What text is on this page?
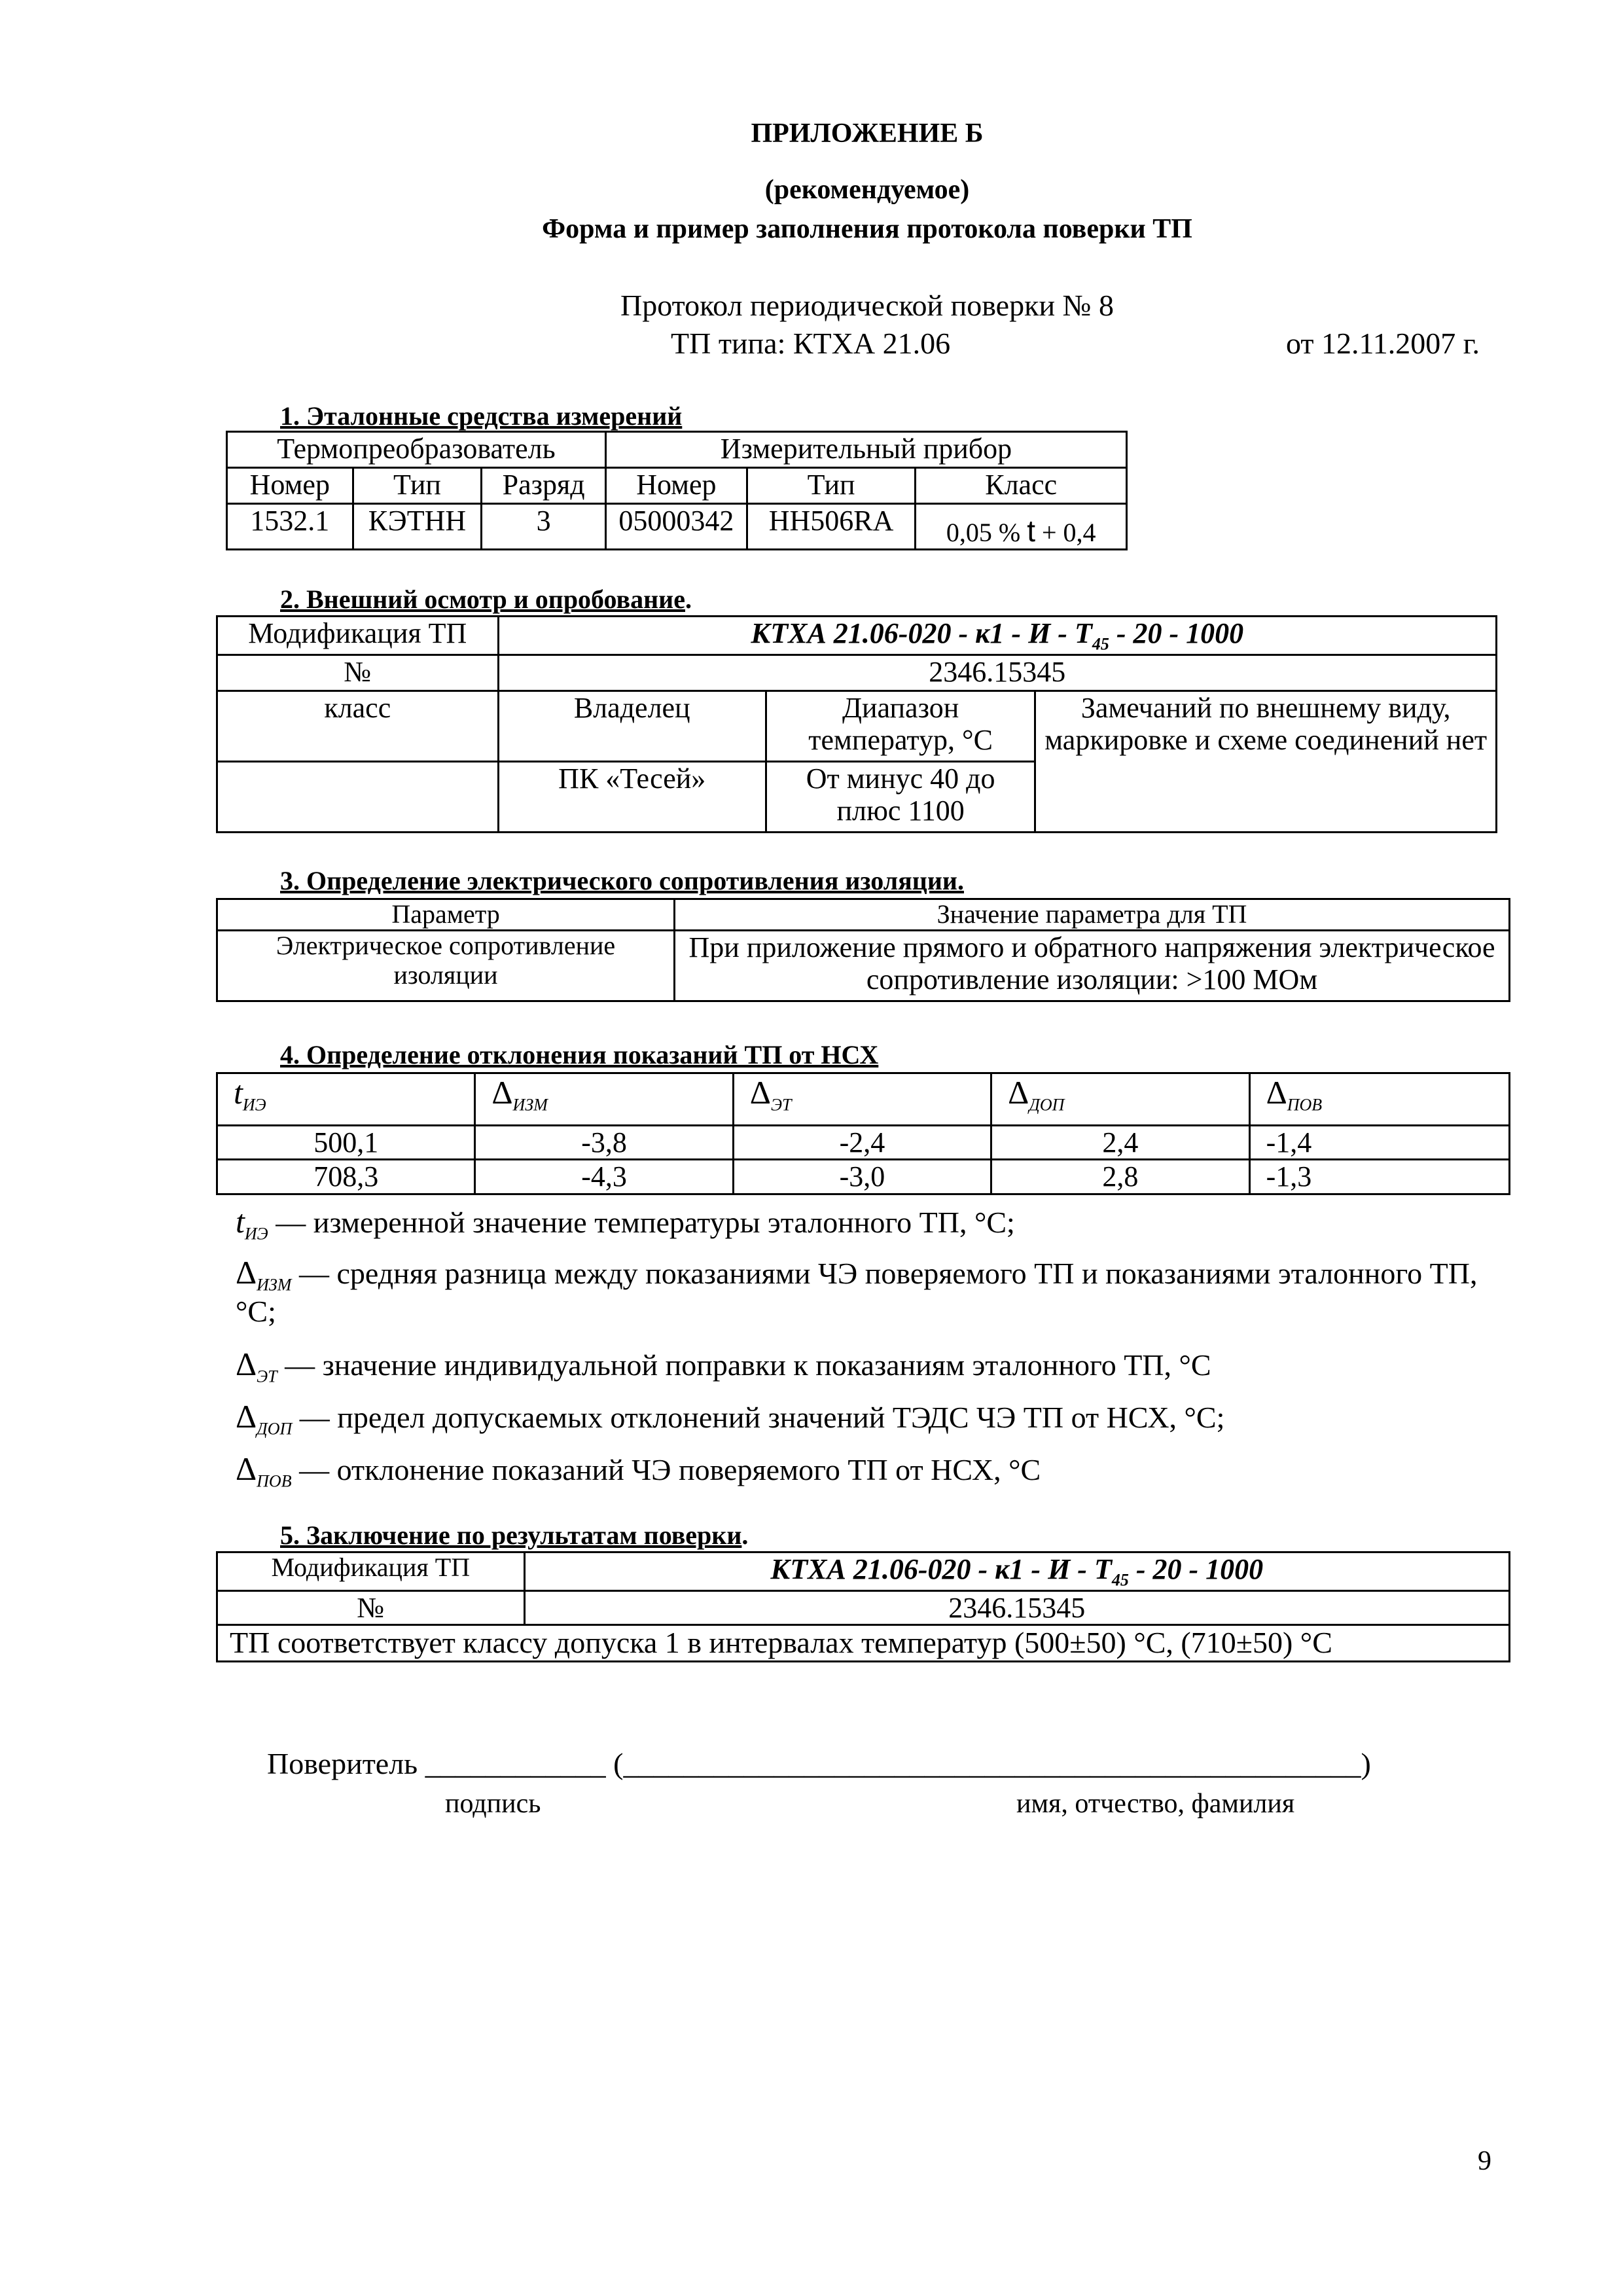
ПРИЛОЖЕНИЕ Б
(рекомендуемое)
Форма и пример заполнения протокола поверки ТП
Протокол периодической поверки № 8
ТП типа: КТХА 21.06	от 12.11.2007 г.
1. Эталонные средства измерений
Термопреобразователь			Измерительный прибор		
Номер	Тип	Разряд	Номер	Тип	Класс
1532.1	КЭТНН	3	05000342	НН506RA	0,05 % t + 0,4
2. Внешний осмотр и опробование.
Модификация ТП	КТХА 21.06-020 - к1 - И - $Т_{45} - 20 - 1000$		
№	2346.15345		
класс	Владелец	Диапазон температур, °С	Замечаний по внешнему виду, маркировке и схеме соединений нет
	ПК «Тесей»	От минус 40 до плюс 1100	
3. Определение электрического сопротивления изоляции.
Параметр	Значение параметра для ТП
Электрическое сопротивление изоляции	При приложение прямого и обратного напряжения электрическое сопротивление изоляции: >100 МОм
4. Определение отклонения показаний ТП от НСХ
$t_{ИЭ}$	$\Delta_{ИЗМ}$	$\Delta_{ЭТ}$	$\Delta_{ДОП}$	$\Delta_{ПОВ}$
500,1	-3,8	-2,4	2,4	-1,4
708,3	-4,3	-3,0	2,8	-1,3
$t_{ИЭ}$ — измеренной значение температуры эталонного ТП, °С;
$\Delta_{ИЗМ}$ — средняя разница между показаниями ЧЭ поверяемого ТП и показаниями эталонного ТП, °С;
$\Delta_{ЭТ}$ — значение индивидуальной поправки к показаниям эталонного ТП, °С
$\Delta_{ДОП}$ — предел допускаемых отклонений значений ТЭДС ЧЭ ТП от НСХ, °С;
$\Delta_{ПОВ}$ — отклонение показаний ЧЭ поверяемого ТП от НСХ, °С
5. Заключение по результатам поверки.
Модификация ТП	КТХА 21.06-020 - к1 - И - $Т_{45} - 20 - 1000$
№	2346.15345
ТП соответствует классу допуска 1 в интервалах температур (500±50) °С, (710±50) °С	
Поверитель ____________ (_________________________________________________)
подпись	имя, отчество, фамилия
9
